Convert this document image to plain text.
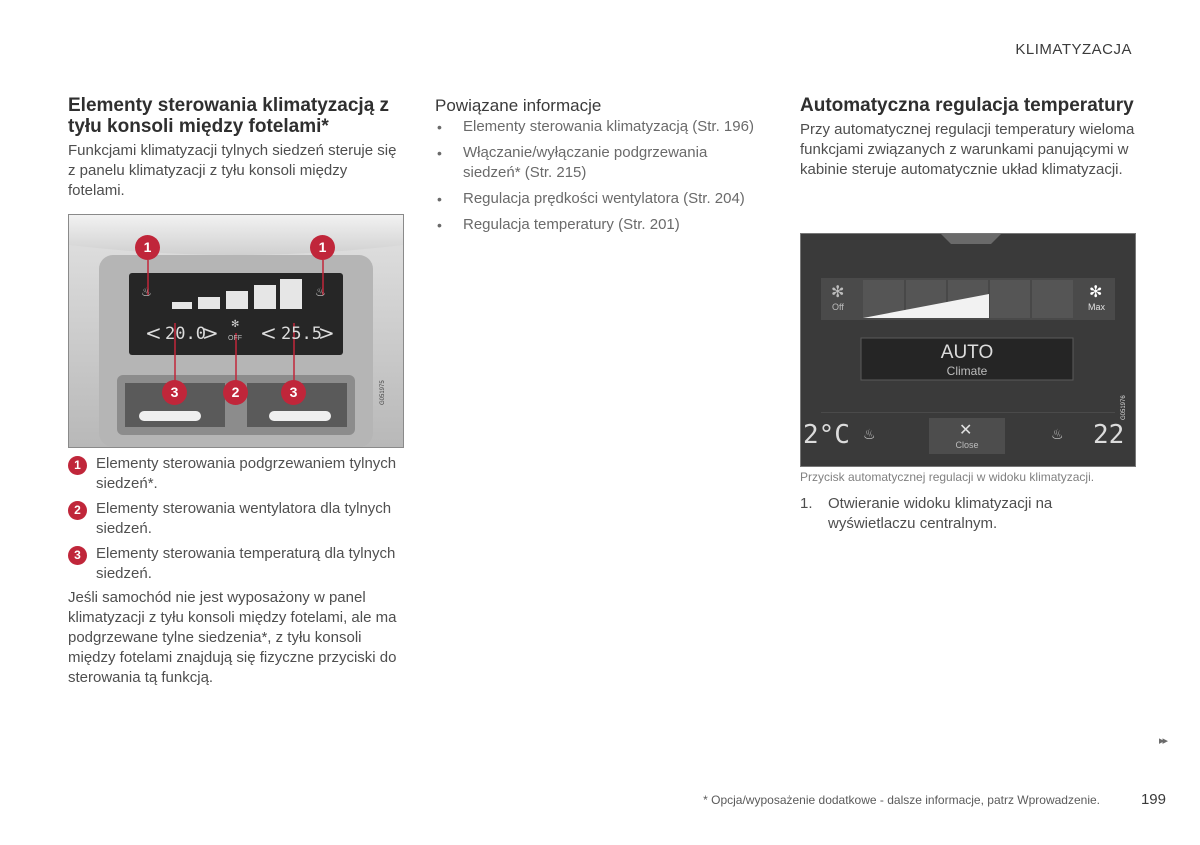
KLIMATYZACJA
Elementy sterowania klimatyzacją z tyłu konsoli między fotelami*

Funkcjami klimatyzacji tylnych siedzeń steruje się z panelu klimatyzacji z tyłu konsoli między fotelami.

< > < >
20.0	25.5
OFF
♨	♨
✻
1	1
3	2	3	G051975
1	Elementy sterowania podgrzewaniem tylnych siedzeń*.
2	Elementy sterowania wentylatora dla tylnych siedzeń.
3	Elementy sterowania temperaturą dla tylnych siedzeń.

Jeśli samochód nie jest wyposażony w panel klimatyzacji z tyłu konsoli między fotelami, ale ma podgrzewane tylne siedzenia*, z tyłu konsoli między fotelami znajdują się fizyczne przyciski do sterowania tą funkcją.

Powiązane informacje
• Elementy sterowania klimatyzacją (Str. 196)
• Włączanie/wyłączanie podgrzewania siedzeń* (Str. 215)
• Regulacja prędkości wentylatora (Str. 204)
• Regulacja temperatury (Str. 201)
Automatyczna regulacja temperatury

Przy automatycznej regulacji temperatury wieloma funkcjami związanych z warunkami panującymi w kabinie steruje automatycznie układ klimatyzacji.

✻
Off
✻
Max
AUTO
Climate
✕
Close
2°C	22
♨	♨
G051976
Przycisk automatycznej regulacji w widoku klimatyzacji.
1. Otwieranie widoku klimatyzacji na wyświetlaczu centralnym.
▸▸
* Opcja/wyposażenie dodatkowe - dalsze informacje, patrz Wprowadzenie.	199
